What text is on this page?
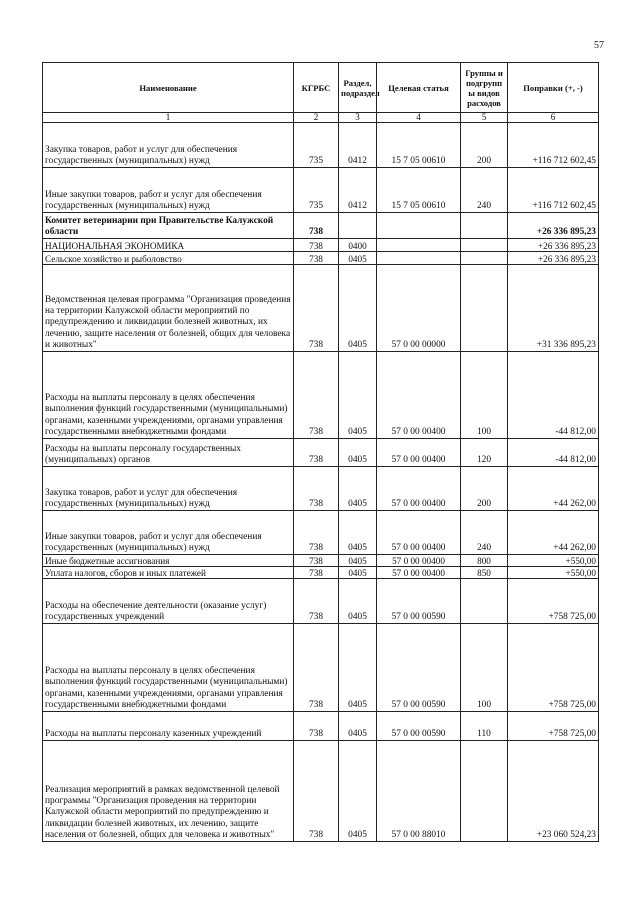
57
Наименование	КГРБС	Раздел, подраздел	Целевая статья	Группы и подгрупп ы видов расходов	Поправки (+, -)
1	2	3	4	5	6
Закупка товаров, работ и услуг для обеспечения государственных (муниципальных) нужд	735	0412	15 7 05 00610	200	+116 712 602,45
Иные закупки товаров, работ и услуг для обеспечения государственных (муниципальных) нужд	735	0412	15 7 05 00610	240	+116 712 602,45
Комитет ветеринарии при Правительстве Калужской области	738				+26 336 895,23
НАЦИОНАЛЬНАЯ ЭКОНОМИКА	738	0400			+26 336 895,23
Сельское хозяйство и рыболовство	738	0405			+26 336 895,23
Ведомственная целевая программа "Организация проведения на территории Калужской области мероприятий по предупреждению и ликвидации болезней животных, их лечению, защите населения от болезней, общих для человека и животных"	738	0405	57 0 00 00000		+31 336 895,23
Расходы на выплаты персоналу в целях обеспечения выполнения функций государственными (муниципальными) органами, казенными учреждениями, органами управления государственными внебюджетными фондами	738	0405	57 0 00 00400	100	-44 812,00
Расходы на выплаты персоналу государственных (муниципальных) органов	738	0405	57 0 00 00400	120	-44 812,00
Закупка товаров, работ и услуг для обеспечения государственных (муниципальных) нужд	738	0405	57 0 00 00400	200	+44 262,00
Иные закупки товаров, работ и услуг для обеспечения государственных (муниципальных) нужд	738	0405	57 0 00 00400	240	+44 262,00
Иные бюджетные ассигнования	738	0405	57 0 00 00400	800	+550,00
Уплата налогов, сборов и иных платежей	738	0405	57 0 00 00400	850	+550,00
Расходы на обеспечение деятельности (оказание услуг) государственных учреждений	738	0405	57 0 00 00590		+758 725,00
Расходы на выплаты персоналу в целях обеспечения выполнения функций государственными (муниципальными) органами, казенными учреждениями, органами управления государственными внебюджетными фондами	738	0405	57 0 00 00590	100	+758 725,00
Расходы на выплаты персоналу казенных учреждений	738	0405	57 0 00 00590	110	+758 725,00
Реализация мероприятий в рамках ведомственной целевой программы "Организация проведения на территории Калужской области мероприятий по предупреждению и ликвидации болезней животных, их лечению, защите населения от болезней, общих для человека и животных"	738	0405	57 0 00 88010		+23 060 524,23
